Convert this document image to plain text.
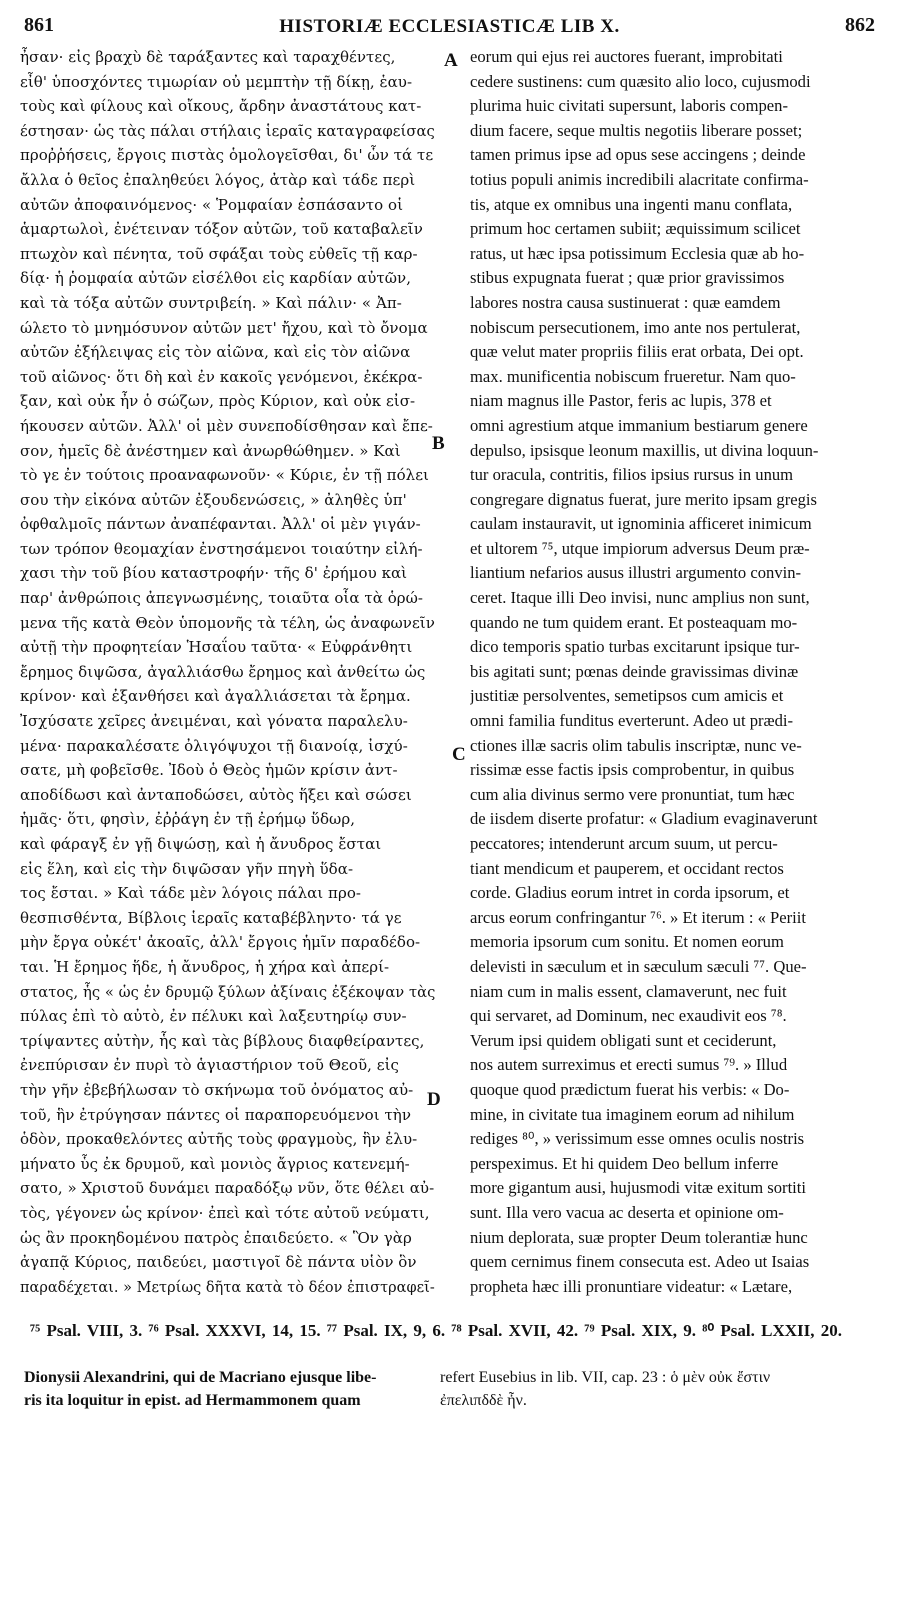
861	HISTORIÆ ECCLESIASTICÆ LIB X.	862
ἦσαν· εἰς βραχὺ δὲ ταράξαντες καὶ ταραχθέντες,
εἶθ' ὑποσχόντες τιμωρίαν οὐ μεμπτὴν τῇ δίκῃ, ἑαυ-
τοὺς καὶ φίλους καὶ οἴκους, ἄρδην ἀναστάτους κατ-
έστησαν· ὡς τὰς πάλαι στήλαις ἱεραῖς καταγραφείσας
προῤῥήσεις, ἔργοις πιστὰς ὁμολογεῖσθαι, δι' ὧν τά τε
ἄλλα ὁ θεῖος ἐπαληθεύει λόγος, ἀτὰρ καὶ τάδε περὶ
αὐτῶν ἀποφαινόμενος· « Ῥομφαίαν ἐσπάσαντο οἱ
ἁμαρτωλοὶ, ἐνέτειναν τόξον αὐτῶν, τοῦ καταβαλεῖν
πτωχὸν καὶ πένητα, τοῦ σφάξαι τοὺς εὐθεῖς τῇ καρ-
δίᾳ· ἡ ῥομφαία αὐτῶν εἰσέλθοι εἰς καρδίαν αὐτῶν,
καὶ τὰ τόξα αὐτῶν συντριβείη. » Καὶ πάλιν· « Ἀπ-
ώλετο τὸ μνημόσυνον αὐτῶν μετ' ἤχου, καὶ τὸ ὄνομα
αὐτῶν ἐξήλειψας εἰς τὸν αἰῶνα, καὶ εἰς τὸν αἰῶνα
τοῦ αἰῶνος· ὅτι δὴ καὶ ἐν κακοῖς γενόμενοι, ἐκέκρα-
ξαν, καὶ οὐκ ἦν ὁ σώζων, πρὸς Κύριον, καὶ οὐκ εἰσ-
ήκουσεν αὐτῶν. Ἀλλ' οἱ μὲν συνεποδίσθησαν καὶ ἔπε-
σον, ἡμεῖς δὲ ἀνέστημεν καὶ ἀνωρθώθημεν. » Καὶ
τὸ γε ἐν τούτοις προαναφωνοῦν· « Κύριε, ἐν τῇ πόλει
σου τὴν εἰκόνα αὐτῶν ἐξουδενώσεις, » ἀληθὲς ὑπ'
ὀφθαλμοῖς πάντων ἀναπέφανται. Ἀλλ' οἱ μὲν γιγάν-
των τρόπον θεομαχίαν ἐνστησάμενοι τοιαύτην εἰλή-
χασι τὴν τοῦ βίου καταστροφήν· τῆς δ' ἐρήμου καὶ
παρ' ἀνθρώποις ἀπεγνωσμένης, τοιαῦτα οἷα τὰ ὁρώ-
μενα τῆς κατὰ Θεὸν ὑπομονῆς τὰ τέλη, ὡς ἀναφωνεῖν
αὐτῇ τὴν προφητείαν Ἡσαΐου ταῦτα· « Εὐφράνθητι
ἔρημος διψῶσα, ἀγαλλιάσθω ἔρημος καὶ ἀνθείτω ὡς
κρίνον· καὶ ἐξανθήσει καὶ ἀγαλλιάσεται τὰ ἔρημα.
Ἰσχύσατε χεῖρες ἀνειμέναι, καὶ γόνατα παραλελυ-
μένα· παρακαλέσατε ὀλιγόψυχοι τῇ διανοίᾳ, ἰσχύ-
σατε, μὴ φοβεῖσθε. Ἰδοὺ ὁ Θεὸς ἡμῶν κρίσιν ἀντ-
αποδίδωσι καὶ ἀνταποδώσει, αὐτὸς ἥξει καὶ σώσει
ἡμᾶς· ὅτι, φησὶν, ἐῤῥάγη ἐν τῇ ἐρήμῳ ὕδωρ,
καὶ φάραγξ ἐν γῇ διψώσῃ, καὶ ἡ ἄνυδρος ἔσται
εἰς ἕλη, καὶ εἰς τὴν διψῶσαν γῆν πηγὴ ὕδα-
τος ἔσται. » Καὶ τάδε μὲν λόγοις πάλαι προ-
θεσπισθέντα, Βίβλοις ἱεραῖς καταβέβληντο· τά γε
μὴν ἔργα οὐκέτ' ἀκοαῖς, ἀλλ' ἔργοις ἡμῖν παραδέδο-
ται. Ἡ ἔρημος ἥδε, ἡ ἄνυδρος, ἡ χήρα καὶ ἀπερί-
στατος, ἧς « ὡς ἐν δρυμῷ ξύλων ἀξίναις ἐξέκοψαν τὰς
πύλας ἐπὶ τὸ αὐτὸ, ἐν πέλυκι καὶ λαξευτηρίῳ συν-
τρίψαντες αὐτὴν, ἧς καὶ τὰς βίβλους διαφθείραντες,
ἐνεπύρισαν ἐν πυρὶ τὸ ἁγιαστήριον τοῦ Θεοῦ, εἰς
τὴν γῆν ἐβεβήλωσαν τὸ σκήνωμα τοῦ ὀνόματος αὐ-
τοῦ, ἣν ἐτρύγησαν πάντες οἱ παραπορευόμενοι τὴν
ὁδὸν, προκαθελόντες αὐτῆς τοὺς φραγμοὺς, ἣν ἐλυ-
μήνατο ὗς ἐκ δρυμοῦ, καὶ μονιὸς ἄγριος κατενεμή-
σατο, » Χριστοῦ δυνάμει παραδόξῳ νῦν, ὅτε θέλει αὐ-
τὸς, γέγονεν ὡς κρίνον· ἐπεὶ καὶ τότε αὐτοῦ νεύματι,
ὡς ἂν προκηδομένου πατρὸς ἐπαιδεύετο. « Ὃν γὰρ
ἀγαπᾷ Κύριος, παιδεύει, μαστιγοῖ δὲ πάντα υἱὸν ὃν
παραδέχεται. » Μετρίως δῆτα κατὰ τὸ δέον ἐπιστραφεῖ-
eorum qui ejus rei auctores fuerant, improbitati
cedere sustinens: cum quæsito alio loco, cujusmodi
plurima huic civitati supersunt, laboris compen-
dium facere, seque multis negotiis liberare posset;
tamen primus ipse ad opus sese accingens ; deinde
totius populi animis incredibili alacritate confirma-
tis, atque ex omnibus una ingenti manu conflata,
primum hoc certamen subiit; æquissimum scilicet
ratus, ut hæc ipsa potissimum Ecclesia quæ ab ho-
stibus expugnata fuerat ; quæ prior gravissimos
labores nostra causa sustinuerat : quæ eamdem
nobiscum persecutionem, imo ante nos pertulerat,
quæ velut mater propriis filiis erat orbata, Dei opt.
max. munificentia nobiscum frueretur. Nam quo-
niam magnus ille Pastor, feris ac lupis, 378 et
omni agrestium atque immanium bestiarum genere
depulso, ipsisque leonum maxillis, ut divina loquun-
tur oracula, contritis, filios ipsius rursus in unum
congregare dignatus fuerat, jure merito ipsam gregis
caulam instauravit, ut ignominia afficeret inimicum
et ultorem ⁷⁵, utque impiorum adversus Deum præ-
liantium nefarios ausus illustri argumento convin-
ceret. Itaque illi Deo invisi, nunc amplius non sunt,
quando ne tum quidem erant. Et posteaquam mo-
dico temporis spatio turbas excitarunt ipsique tur-
bis agitati sunt; pœnas deinde gravissimas divinæ
justitiæ persolventes, semetipsos cum amicis et
omni familia funditus everterunt. Adeo ut prædi-
ctiones illæ sacris olim tabulis inscriptæ, nunc ve-
rissimæ esse factis ipsis comprobentur, in quibus
cum alia divinus sermo vere pronuntiat, tum hæc
de iisdem diserte profatur: « Gladium evaginaverunt
peccatores; intenderunt arcum suum, ut percu-
tiant mendicum et pauperem, et occidant rectos
corde. Gladius eorum intret in corda ipsorum, et
arcus eorum confringantur ⁷⁶. » Et iterum : « Periit
memoria ipsorum cum sonitu. Et nomen eorum
delevisti in sæculum et in sæculum sæculi ⁷⁷. Que-
niam cum in malis essent, clamaverunt, nec fuit
qui servaret, ad Dominum, nec exaudivit eos ⁷⁸.
Verum ipsi quidem obligati sunt et ceciderunt,
nos autem surreximus et erecti sumus ⁷⁹. » Illud
quoque quod prædictum fuerat his verbis: « Do-
mine, in civitate tua imaginem eorum ad nihilum
rediges ⁸⁰, » verissimum esse omnes oculis nostris
perspeximus. Et hi quidem Deo bellum inferre
more gigantum ausi, hujusmodi vitæ exitum sortiti
sunt. Illa vero vacua ac deserta et opinione om-
nium deplorata, suæ propter Deum tolerantiæ hunc
quem cernimus finem consecuta est. Adeo ut Isaias
propheta hæc illi pronuntiare videatur: « Lætare,
A
B
C
D
⁷⁵ Psal. VIII, 3. ⁷⁶ Psal. XXXVI, 14, 15. ⁷⁷ Psal. IX, 9, 6. ⁷⁸ Psal. XVII, 42. ⁷⁹ Psal. XIX, 9. ⁸⁰ Psal. LXXII, 20.
Dionysii Alexandrini, qui de Macriano ejusque libe-
ris ita loquitur in epist. ad Hermammonem quam
refert Eusebius in lib. VII, cap. 23 : ὁ μὲν οὐκ ἔστιν
ἐπελιπδδὲ ἦν.
